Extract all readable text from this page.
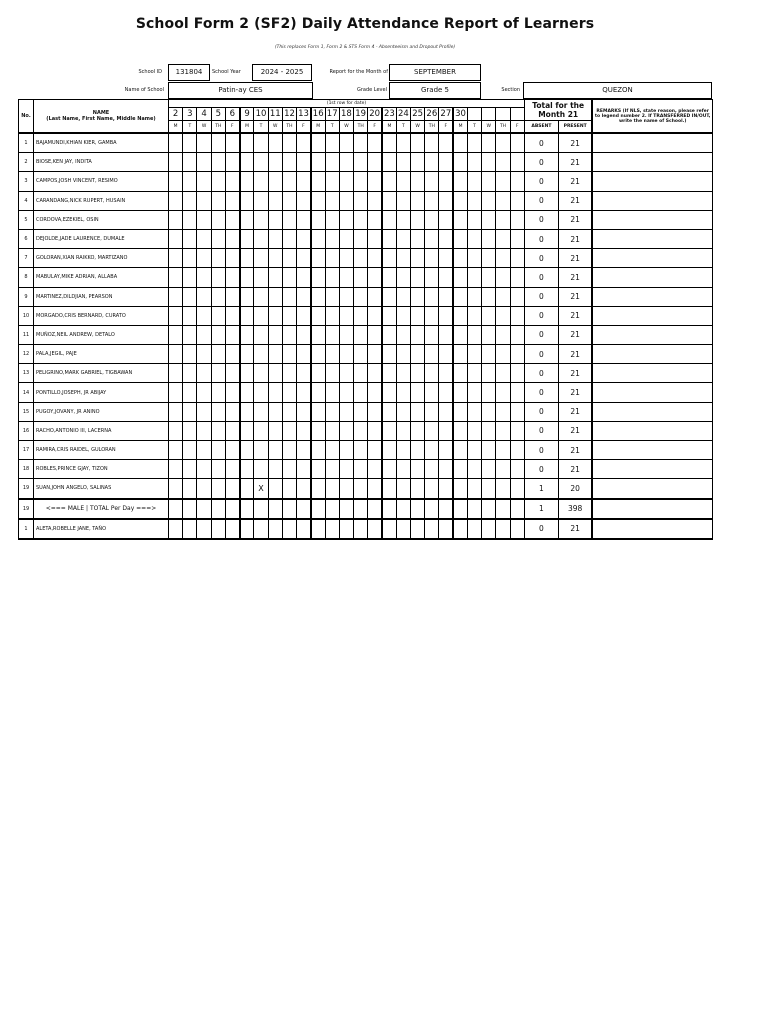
School Form 2 (SF2) Daily Attendance Report of Learners
(This replaces Form 1, Form 2 & STS Form 4 - Absenteeism and Dropout Profile)
School ID	131804	School Year	2024 - 2025	Report for the Month of	SEPTEMBER
Name of School	Patin-ay CES	Grade Level	Grade 5	Section	QUEZON
No.	NAME
(Last Name, First Name, Middle Name)	(1st row for date)																									Total for the Month 21		REMARKS (If NLS, state reason, please refer to legend number 2. If TRANSFERRED IN/OUT, write the name of School.)
		2	3	4	5	6	9	10	11	12	13	16	17	18	19	20	23	24	25	26	27	30							
		M	T	W	TH	F	M	T	W	TH	F	M	T	W	TH	F	M	T	W	TH	F	M	T	W	TH	F	ABSENT	PRESENT	
1	BAJAMUNDI,KHIAN KIER, GAMBA																										0	21	
2	BIOSE,KEN JAY, INDITA																										0	21	
3	CAMPOS,JOSH VINCENT, RESIMO																										0	21	
4	CARANDANG,NICK RUPERT, HUSAIN																										0	21	
5	CORDOVA,EZEKIEL, OSIN																										0	21	
6	DEJOLDE,JADE LAURENCE, DUMALE																										0	21	
7	GOLORAN,XIAN RAIKKO, MARTIZANO																										0	21	
8	MABULAY,MIKE ADRIAN, ALLABA																										0	21	
9	MARTINEZ,DILDJIAN, PEARSON																										0	21	
10	MORGADO,CRIS BERNARD, CURATO																										0	21	
11	MUÑOZ,NEIL ANDREW, DETALO																										0	21	
12	PALA,JEGIL, PAJE																										0	21	
13	PELIGRINO,MARK GABRIEL, TIGBAWAN																										0	21	
14	PONTILLO,JOSEPH, JR ABIJAY																										0	21	
15	PUGOY,JOVANY, JR ANINO																										0	21	
16	RACHO,ANTONIO III, LACERNA																										0	21	
17	RAMIRA,CRIS RAIDEL, GULORAN																										0	21	
18	ROBLES,PRINCE GJAY, TIZON																										0	21	
19	SUAN,JOHN ANGELO, SALINAS							X																			1	20	
19	<=== MALE | TOTAL Per Day ===>																										1	398	
1	ALETA,ROBELLE JANE, TAÑO																										0	21	
